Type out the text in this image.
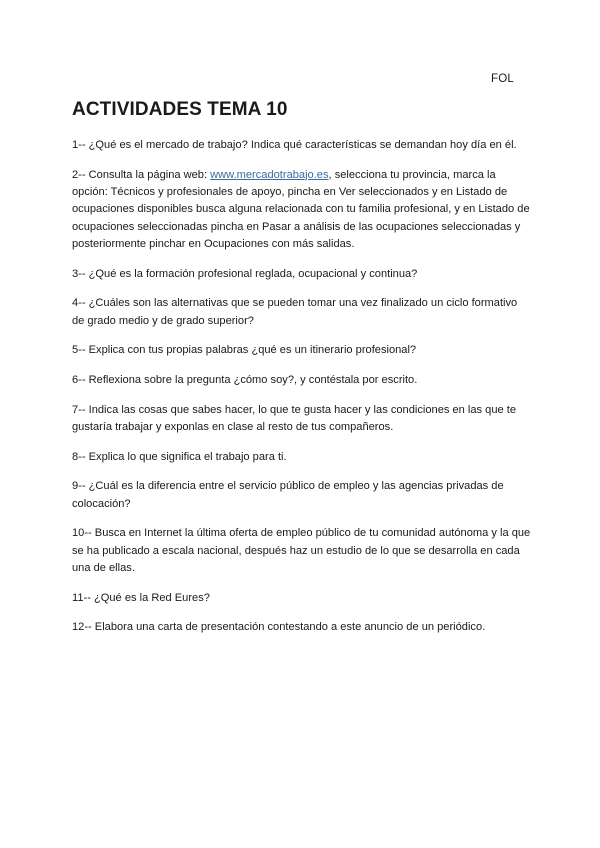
FOL
ACTIVIDADES TEMA 10
1-- ¿Qué es el mercado de trabajo? Indica qué características se demandan hoy día en él.
2-- Consulta la página web: www.mercadotrabajo.es, selecciona tu provincia, marca la opción: Técnicos y profesionales de apoyo, pincha en Ver seleccionados y en Listado de ocupaciones disponibles busca alguna relacionada con tu familia profesional, y en Listado de ocupaciones seleccionadas pincha en Pasar a análisis de las ocupaciones seleccionadas y posteriormente pinchar en Ocupaciones con más salidas.
3-- ¿Qué es la formación profesional reglada, ocupacional y continua?
4-- ¿Cuáles son las alternativas que se pueden tomar una vez finalizado un ciclo formativo de grado medio y de grado superior?
5-- Explica con tus propias palabras ¿qué es un itinerario profesional?
6-- Reflexiona sobre la pregunta ¿cómo soy?, y contéstala por escrito.
7-- Indica las cosas que sabes hacer, lo que te gusta hacer y las condiciones en las que te gustaría trabajar y exponlas en clase al resto de tus compañeros.
8-- Explica lo que significa el trabajo para ti.
9-- ¿Cuál es la diferencia entre el servicio público de empleo y las agencias privadas de colocación?
10-- Busca en Internet la última oferta de empleo público de tu comunidad autónoma y la que se ha publicado a escala nacional, después haz un estudio de lo que se desarrolla en cada una de ellas.
11-- ¿Qué es la Red Eures?
12-- Elabora una carta de presentación contestando a este anuncio de un periódico.
